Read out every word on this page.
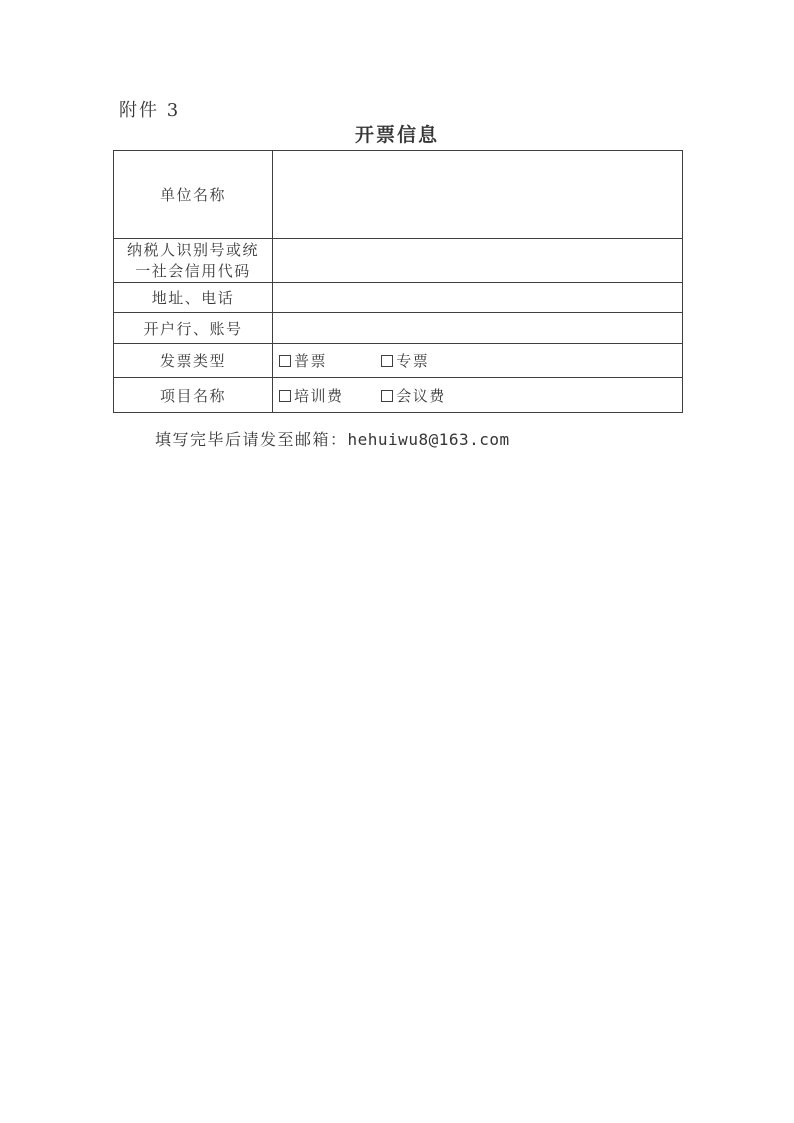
附件 3
开票信息
单位名称	
纳税人识别号或统一社会信用代码	
地址、电话	
开户行、账号	
发票类型	普票 专票
项目名称	培训费 会议费
填写完毕后请发至邮箱：hehuiwu8@163.com
